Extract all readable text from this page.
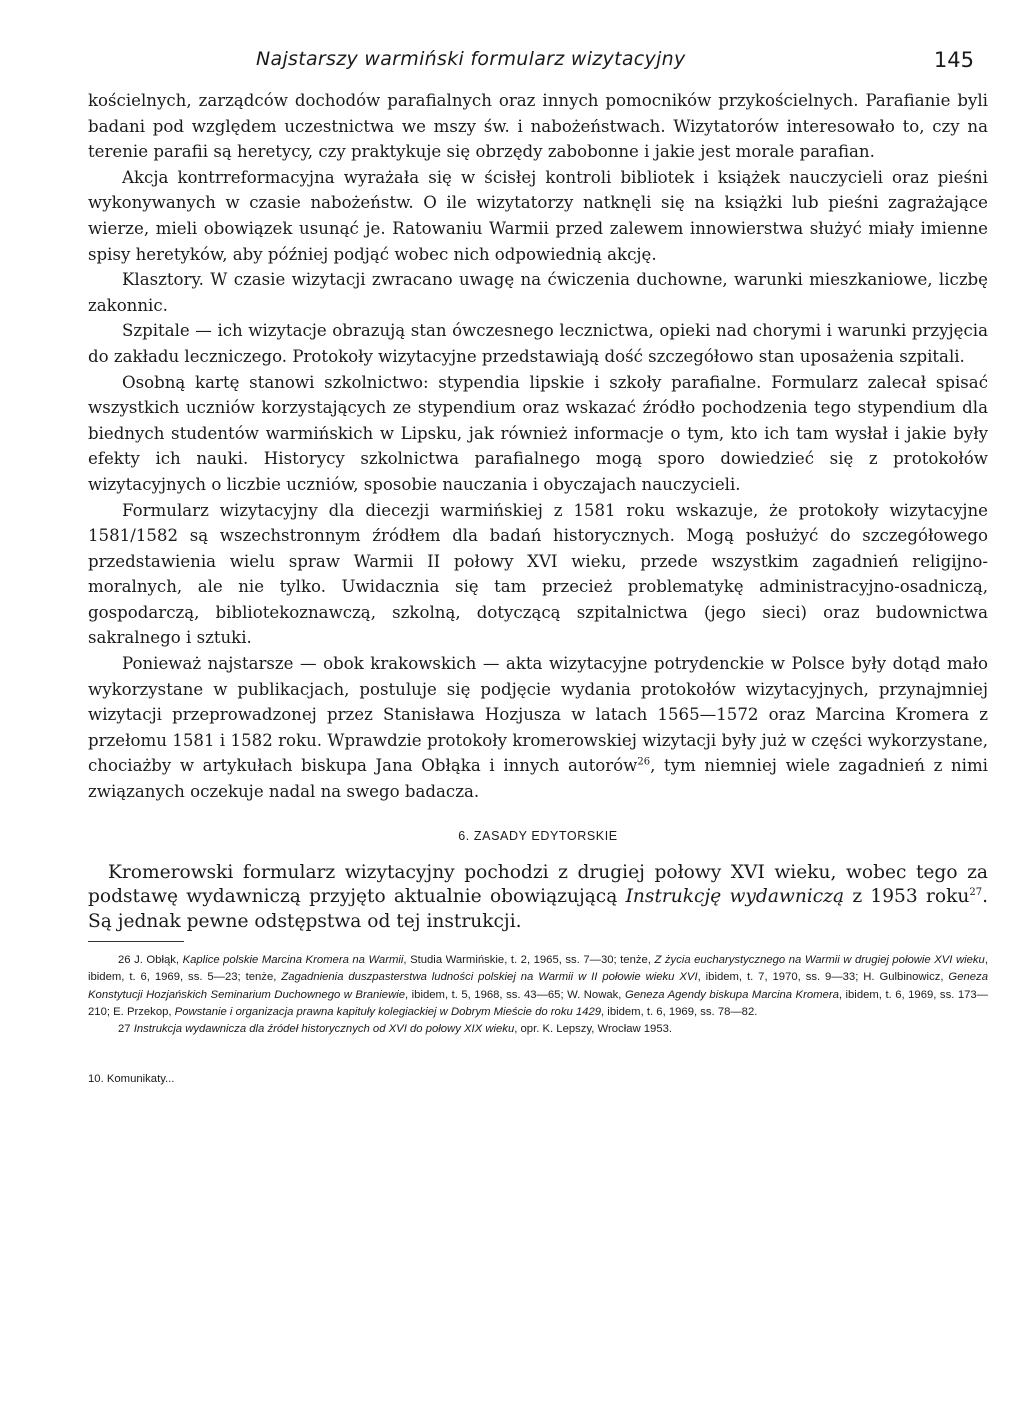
Najstarszy warmiński formularz wizytacyjny	145

kościelnych, zarządców dochodów parafialnych oraz innych pomocników przykościelnych. Parafianie byli badani pod względem uczestnictwa we mszy św. i nabożeństwach. Wizytatorów interesowało to, czy na terenie parafii są heretycy, czy praktykuje się obrzędy zabobonne i jakie jest morale parafian.

Akcja kontrreformacyjna wyrażała się w ścisłej kontroli bibliotek i książek nauczycieli oraz pieśni wykonywanych w czasie nabożeństw. O ile wizytatorzy natknęli się na książki lub pieśni zagrażające wierze, mieli obowiązek usunąć je. Ratowaniu Warmii przed zalewem innowierstwa służyć miały imienne spisy heretyków, aby później podjąć wobec nich odpowiednią akcję.

Klasztory. W czasie wizytacji zwracano uwagę na ćwiczenia duchowne, warunki mieszkaniowe, liczbę zakonnic.

Szpitale — ich wizytacje obrazują stan ówczesnego lecznictwa, opieki nad chorymi i warunki przyjęcia do zakładu leczniczego. Protokoły wizytacyjne przedstawiają dość szczegółowo stan uposażenia szpitali.

Osobną kartę stanowi szkolnictwo: stypendia lipskie i szkoły parafialne. Formularz zalecał spisać wszystkich uczniów korzystających ze stypendium oraz wskazać źródło pochodzenia tego stypendium dla biednych studentów warmińskich w Lipsku, jak również informacje o tym, kto ich tam wysłał i jakie były efekty ich nauki. Historycy szkolnictwa parafialnego mogą sporo dowiedzieć się z protokołów wizytacyjnych o liczbie uczniów, sposobie nauczania i obyczajach nauczycieli.

Formularz wizytacyjny dla diecezji warmińskiej z 1581 roku wskazuje, że protokoły wizytacyjne 1581/1582 są wszechstronnym źródłem dla badań historycznych. Mogą posłużyć do szczegółowego przedstawienia wielu spraw Warmii II połowy XVI wieku, przede wszystkim zagadnień religijno-moralnych, ale nie tylko. Uwidacznia się tam przecież problematykę administracyjno-osadniczą, gospodarczą, bibliotekoznawczą, szkolną, dotyczącą szpitalnictwa (jego sieci) oraz budownictwa sakralnego i sztuki.

Ponieważ najstarsze — obok krakowskich — akta wizytacyjne potrydenckie w Polsce były dotąd mało wykorzystane w publikacjach, postuluje się podjęcie wydania protokołów wizytacyjnych, przynajmniej wizytacji przeprowadzonej przez Stanisława Hozjusza w latach 1565—1572 oraz Marcina Kromera z przełomu 1581 i 1582 roku. Wprawdzie protokoły kromerowskiej wizytacji były już w części wykorzystane, chociażby w artykułach biskupa Jana Obłąka i innych autorów$^{26}$, tym niemniej wiele zagadnień z nimi związanych oczekuje nadal na swego badacza.

6. ZASADY EDYTORSKIE

Kromerowski formularz wizytacyjny pochodzi z drugiej połowy XVI wieku, wobec tego za podstawę wydawniczą przyjęto aktualnie obowiązującą Instrukcję wydawniczą z 1953 roku$^{27}$. Są jednak pewne odstępstwa od tej instrukcji.

26 J. Obłąk, Kaplice polskie Marcina Kromera na Warmii, Studia Warmińskie, t. 2, 1965, ss. 7—30; tenże, Z życia eucharystycznego na Warmii w drugiej połowie XVI wieku, ibidem, t. 6, 1969, ss. 5—23; tenże, Zagadnienia duszpasterstwa ludności polskiej na Warmii w II połowie wieku XVI, ibidem, t. 7, 1970, ss. 9—33; H. Gulbinowicz, Geneza Konstytucji Hozjańskich Seminarium Duchownego w Braniewie, ibidem, t. 5, 1968, ss. 43—65; W. Nowak, Geneza Agendy biskupa Marcina Kromera, ibidem, t. 6, 1969, ss. 173—210; E. Przekop, Powstanie i organizacja prawna kapituły kolegiackiej w Dobrym Mieście do roku 1429, ibidem, t. 6, 1969, ss. 78—82.

27 Instrukcja wydawnicza dla źródeł historycznych od XVI do połowy XIX wieku, opr. K. Lepszy, Wrocław 1953.

10. Komunikaty...
